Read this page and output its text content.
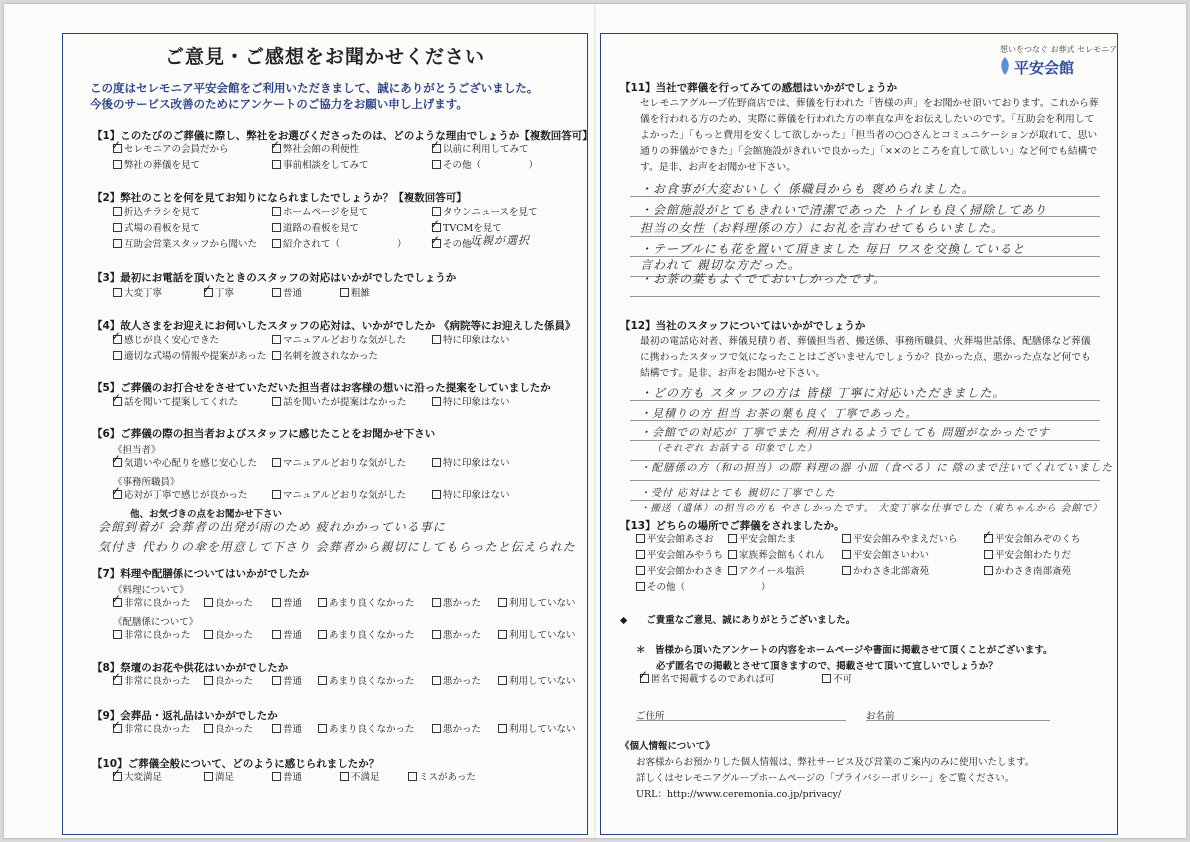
ご意見・ご感想をお聞かせください	想いをつなぐ お葬式 セレモニア
平安会館
この度はセレモニア平安会館をご利用いただきまして、誠にありがとうございました。
今後のサービス改善のためにアンケートのご協力をお願い申し上げます。
【1】このたびのご葬儀に際し、弊社をお選びくださったのは、どのような理由でしょうか【複数回答可】
セレモニアの会員だから	弊社会館の利便性	以前に利用してみて
弊社の葬儀を見て	事前相談をしてみて	その他（　　　　　）
✓	✓	✓
【2】弊社のことを何を見てお知りになられましたでしょうか？【複数回答可】
折込チラシを見て	ホームページを見て	タウンニュースを見て
式場の看板を見て	道路の看板を見て	TVCMを見て
互助会営業スタッフから聞いた	紹介されて（　　　　　　）	その他（
近親が選択
✓
✓
【3】最初にお電話を頂いたときのスタッフの対応はいかがでしたでしょうか
大変丁寧	丁寧	普通	粗雑
✓
【4】故人さまをお迎えにお伺いしたスタッフの応対は、いかがでしたか 《病院等にお迎えした係員》
感じが良く安心できた	マニュアルどおりな気がした	特に印象はない
適切な式場の情報や提案があった	名刺を渡されなかった
✓
【5】ご葬儀のお打合せをさせていただいた担当者はお客様の想いに沿った提案をしていましたか
話を聞いて提案してくれた	話を聞いたが提案はなかった	特に印象はない
✓
【6】ご葬儀の際の担当者およびスタッフに感じたことをお聞かせ下さい
《担当者》
気遣いや心配りを感じ安心した	マニュアルどおりな気がした	特に印象はない
《事務所職員》
応対が丁寧で感じが良かった	マニュアルどおりな気がした	特に印象はない
他、お気づきの点をお聞かせ下さい
会館到着が 会葬者の出発が雨のため 疲れかかっている事に
気付き 代わりの傘を用意して下さり 会葬者から親切にしてもらったと伝えられた
✓
✓
【7】料理や配膳係についてはいかがでしたか
《料理について》
非常に良かった	良かった	普通	あまり良くなかった	悪かった	利用していない
✓
《配膳係について》
非常に良かった	良かった	普通	あまり良くなかった	悪かった	利用していない
【8】祭壇のお花や供花はいかがでしたか
非常に良かった	良かった	普通	あまり良くなかった	悪かった	利用していない
✓
【9】会葬品・返礼品はいかがでしたか
非常に良かった	良かった	普通	あまり良くなかった	悪かった	利用していない
✓
【10】ご葬儀全般について、どのように感じられましたか？
大変満足	満足	普通	不満足	ミスがあった
✓
【11】当社で葬儀を行ってみての感想はいかがでしょうか
セレモニアグループ佐野商店では、葬儀を行われた「皆様の声」をお聞かせ頂いております。これから葬儀を行われる方のため、実際に葬儀を行われた方の率直な声をお伝えしたいのです。「互助会を利用してよかった」「もっと費用を安くして欲しかった」「担当者の○○さんとコミュニケーションが取れて、思い通りの葬儀ができた」「会館施設がきれいで良かった」「××のところを直して欲しい」など何でも結構です。是非、お声をお聞かせ下さい。
・お食事が大変おいしく 係職員からも 褒められました。
・会館施設がとてもきれいで清潔であった トイレも良く掃除してあり
担当の女性（お料理係の方）にお礼を言わせてもらいました。
・テーブルにも花を置いて頂きました 毎日 ワスを交換していると
言われて 親切な方だった。
・お茶の葉もよくでておいしかったです。
【12】当社のスタッフについてはいかがでしょうか
最初の電話応対者、葬儀見積り者、葬儀担当者、搬送係、事務所職員、火葬場世話係、配膳係など葬儀に携わったスタッフで気になったことはございませんでしょうか？良かった点、悪かった点など何でも結構です。是非、お声をお聞かせ下さい。
・どの方も スタッフの方は 皆様 丁寧に対応いただきました。
・見積りの方 担当 お茶の葉も良く 丁寧であった。
・会館での対応が 丁寧でまた 利用されるようでしても 問題がなかったです
（それぞれ お話する 印象でした）
・配膳係の方（和の担当）の際 料理の器 小皿（食べる）に 陰のまで注いてくれていました
・受付 応対はとても 親切に丁寧でした
・搬送（遺体）の担当の方も やさしかったです。 大変丁寧な仕事でした（東ちゃんから 会館で）
【13】どちらの場所でご葬儀をされましたか。
平安会館あさお	平安会館たま	平安会館みやまえだいら	平安会館みぞのくち
平安会館みやうち	家族葬会館もくれん	平安会館さいわい	平安会館わたりだ
平安会館かわさき	アクイール塩浜	かわさき北部斎苑	かわさき南部斎苑
その他（　　　　　　　　）
✓
◆　　ご貴重なご意見、誠にありがとうございました。
＊　皆様から頂いたアンケートの内容をホームページや書面に掲載させて頂くことがございます。
必ず匿名での掲載とさせて頂きますので、掲載させて頂いて宜しいでしょうか？
匿名で掲載するのであれば可	不可
✓
ご住所	お名前
《個人情報について》
お客様からお預かりした個人情報は、弊社サービス及び営業のご案内のみに使用いたします。
詳しくはセレモニアグループホームページの「プライバシーポリシー」をご覧ください。
URL：http://www.ceremonia.co.jp/privacy/
